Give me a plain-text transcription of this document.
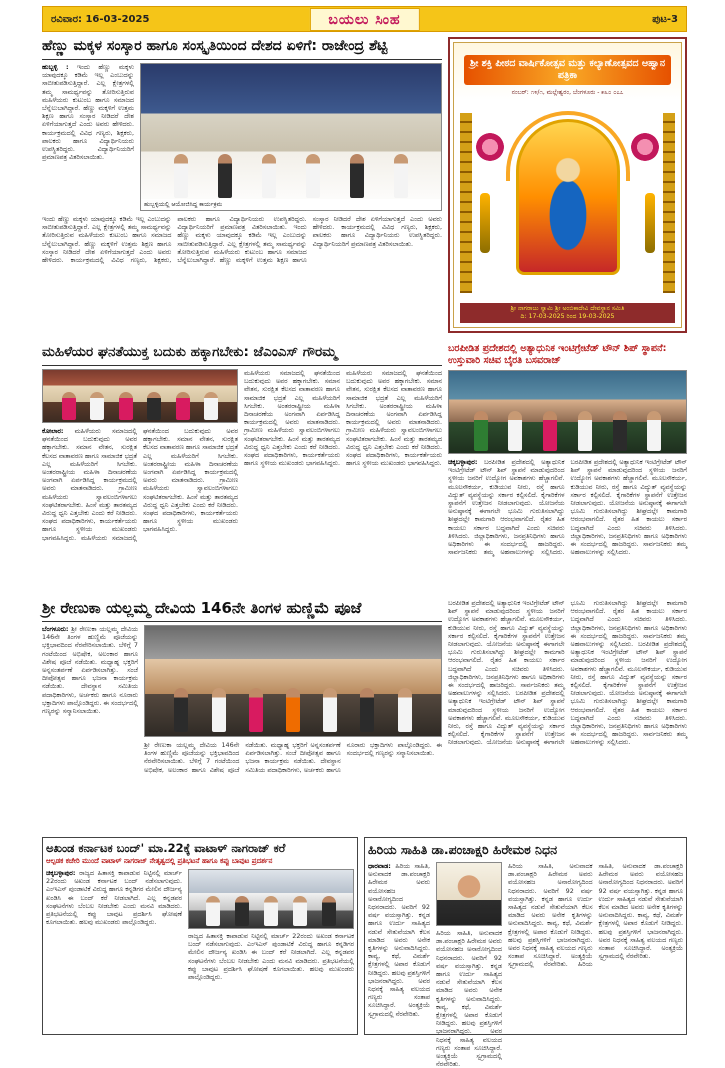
ರವಿವಾರ: 16-03-2025	ಬಯಲು ಸಿಂಹ	ಪುಟ-3
ಹೆಣ್ಣು ಮಕ್ಕಳ ಸಂಸ್ಕಾರ ಹಾಗೂ ಸಂಸ್ಕೃತಿಯಿಂದ ದೇಶದ ಏಳಿಗೆ: ರಾಜೇಂದ್ರ ಶೆಟ್ಟಿ
ಹುಬ್ಬಳ್ಳಿ : ಇಂದು ಹೆಣ್ಣು ಮಕ್ಕಳು ಯಾವುದಕ್ಕೂ ಕಡಿಮೆ ಇಲ್ಲ ಎಂಬುದನ್ನು ಸಾಬೀತುಪಡಿಸುತ್ತಿದ್ದಾರೆ. ಎಲ್ಲ ಕ್ಷೇತ್ರಗಳಲ್ಲಿ ತಮ್ಮ ಸಾಮರ್ಥ್ಯವನ್ನು ತೋರಿಸುತ್ತಿರುವ ಮಹಿಳೆಯರು ಕುಟುಂಬ ಹಾಗೂ ಸಮಾಜದ ಬೆನ್ನೆಲುಬಾಗಿದ್ದಾರೆ. ಹೆಣ್ಣು ಮಕ್ಕಳಿಗೆ ಉತ್ತಮ ಶಿಕ್ಷಣ ಹಾಗೂ ಸಂಸ್ಕಾರ ನೀಡಿದರೆ ದೇಶ ಏಳಿಗೆಯಾಗುತ್ತದೆ ಎಂದು ಅವರು ಹೇಳಿದರು. ಕಾರ್ಯಕ್ರಮದಲ್ಲಿ ವಿವಿಧ ಗಣ್ಯರು, ಶಿಕ್ಷಕರು, ಪಾಲಕರು ಹಾಗೂ ವಿದ್ಯಾರ್ಥಿನಿಯರು ಉಪಸ್ಥಿತರಿದ್ದರು. ವಿದ್ಯಾರ್ಥಿನಿಯರಿಗೆ ಪ್ರಮಾಣಪತ್ರ ವಿತರಿಸಲಾಯಿತು.
ಹುಬ್ಬಳ್ಳಿಯಲ್ಲಿ ಆಯೋಜಿಸಿದ್ದ ಕಾರ್ಯಕ್ರಮ
ಇಂದು ಹೆಣ್ಣು ಮಕ್ಕಳು ಯಾವುದಕ್ಕೂ ಕಡಿಮೆ ಇಲ್ಲ ಎಂಬುದನ್ನು ಸಾಬೀತುಪಡಿಸುತ್ತಿದ್ದಾರೆ. ಎಲ್ಲ ಕ್ಷೇತ್ರಗಳಲ್ಲಿ ತಮ್ಮ ಸಾಮರ್ಥ್ಯವನ್ನು ತೋರಿಸುತ್ತಿರುವ ಮಹಿಳೆಯರು ಕುಟುಂಬ ಹಾಗೂ ಸಮಾಜದ ಬೆನ್ನೆಲುಬಾಗಿದ್ದಾರೆ. ಹೆಣ್ಣು ಮಕ್ಕಳಿಗೆ ಉತ್ತಮ ಶಿಕ್ಷಣ ಹಾಗೂ ಸಂಸ್ಕಾರ ನೀಡಿದರೆ ದೇಶ ಏಳಿಗೆಯಾಗುತ್ತದೆ ಎಂದು ಅವರು ಹೇಳಿದರು. ಕಾರ್ಯಕ್ರಮದಲ್ಲಿ ವಿವಿಧ ಗಣ್ಯರು, ಶಿಕ್ಷಕರು, ಪಾಲಕರು ಹಾಗೂ ವಿದ್ಯಾರ್ಥಿನಿಯರು ಉಪಸ್ಥಿತರಿದ್ದರು. ವಿದ್ಯಾರ್ಥಿನಿಯರಿಗೆ ಪ್ರಮಾಣಪತ್ರ ವಿತರಿಸಲಾಯಿತು. ಇಂದು ಹೆಣ್ಣು ಮಕ್ಕಳು ಯಾವುದಕ್ಕೂ ಕಡಿಮೆ ಇಲ್ಲ ಎಂಬುದನ್ನು ಸಾಬೀತುಪಡಿಸುತ್ತಿದ್ದಾರೆ. ಎಲ್ಲ ಕ್ಷೇತ್ರಗಳಲ್ಲಿ ತಮ್ಮ ಸಾಮರ್ಥ್ಯವನ್ನು ತೋರಿಸುತ್ತಿರುವ ಮಹಿಳೆಯರು ಕುಟುಂಬ ಹಾಗೂ ಸಮಾಜದ ಬೆನ್ನೆಲುಬಾಗಿದ್ದಾರೆ. ಹೆಣ್ಣು ಮಕ್ಕಳಿಗೆ ಉತ್ತಮ ಶಿಕ್ಷಣ ಹಾಗೂ ಸಂಸ್ಕಾರ ನೀಡಿದರೆ ದೇಶ ಏಳಿಗೆಯಾಗುತ್ತದೆ ಎಂದು ಅವರು ಹೇಳಿದರು. ಕಾರ್ಯಕ್ರಮದಲ್ಲಿ ವಿವಿಧ ಗಣ್ಯರು, ಶಿಕ್ಷಕರು, ಪಾಲಕರು ಹಾಗೂ ವಿದ್ಯಾರ್ಥಿನಿಯರು ಉಪಸ್ಥಿತರಿದ್ದರು. ವಿದ್ಯಾರ್ಥಿನಿಯರಿಗೆ ಪ್ರಮಾಣಪತ್ರ ವಿತರಿಸಲಾಯಿತು.
ಶ್ರೀ ಶಕ್ತಿ ಪೀಠದ ವಾರ್ಷಿಕೋತ್ಸವ ಮತ್ತು ಕಲ್ಯಾಣೋತ್ಸವದ ಆಹ್ವಾನ ಪತ್ರಿಕಾ
ನಂಬರ್: ೧೪/೧, ಮಲ್ಲೇಶ್ವರಂ, ಬೆಂಗಳೂರು - ೫೬೦ ೦೭೭
ಶ್ರೀ ನಾಗರಾಜು ಸ್ವಾಮಿ ಶ್ರೀ ಅಂಬಿಕಾದೇವಿ ದೇವಸ್ಥಾನ ಸಮಿತಿ
ದಿ: 17-03-2025 ರಿಂದ 19-03-2025
ಮಹಿಳೆಯರ ಘನತೆಯುಕ್ತ ಬದುಕು ಹಕ್ಕಾಗಬೇಕು: ಜೆಎಂಎಸ್ ಗೌರಮ್ಮ
ಕೋಲಾರ: ಮಹಿಳೆಯರು ಸಮಾಜದಲ್ಲಿ ಘನತೆಯಿಂದ ಬದುಕುವುದು ಅವರ ಹಕ್ಕಾಗಬೇಕು. ಸಮಾನ ವೇತನ, ಸುರಕ್ಷಿತ ಕೆಲಸದ ವಾತಾವರಣ ಹಾಗೂ ಸಾಮಾಜಿಕ ಭದ್ರತೆ ಎಲ್ಲ ಮಹಿಳೆಯರಿಗೆ ಸಿಗಬೇಕು. ಅಂತರರಾಷ್ಟ್ರೀಯ ಮಹಿಳಾ ದಿನಾಚರಣೆಯ ಅಂಗವಾಗಿ ಏರ್ಪಡಿಸಿದ್ದ ಕಾರ್ಯಕ್ರಮದಲ್ಲಿ ಅವರು ಮಾತನಾಡಿದರು. ಗ್ರಾಮೀಣ ಮಹಿಳೆಯರು ಸ್ವಾವಲಂಬಿಗಳಾಗಲು ಸಂಘಟಿತರಾಗಬೇಕು. ಹಿಂಸೆ ಮತ್ತು ತಾರತಮ್ಯದ ವಿರುದ್ಧ ಧ್ವನಿ ಎತ್ತಬೇಕು ಎಂದು ಕರೆ ನೀಡಿದರು. ಸಂಘದ ಪದಾಧಿಕಾರಿಗಳು, ಕಾರ್ಯಕರ್ತೆಯರು ಹಾಗೂ ಸ್ಥಳೀಯ ಮುಖಂಡರು ಭಾಗವಹಿಸಿದ್ದರು. ಮಹಿಳೆಯರು ಸಮಾಜದಲ್ಲಿ ಘನತೆಯಿಂದ ಬದುಕುವುದು ಅವರ ಹಕ್ಕಾಗಬೇಕು. ಸಮಾನ ವೇತನ, ಸುರಕ್ಷಿತ ಕೆಲಸದ ವಾತಾವರಣ ಹಾಗೂ ಸಾಮಾಜಿಕ ಭದ್ರತೆ ಎಲ್ಲ ಮಹಿಳೆಯರಿಗೆ ಸಿಗಬೇಕು. ಅಂತರರಾಷ್ಟ್ರೀಯ ಮಹಿಳಾ ದಿನಾಚರಣೆಯ ಅಂಗವಾಗಿ ಏರ್ಪಡಿಸಿದ್ದ ಕಾರ್ಯಕ್ರಮದಲ್ಲಿ ಅವರು ಮಾತನಾಡಿದರು. ಗ್ರಾಮೀಣ ಮಹಿಳೆಯರು ಸ್ವಾವಲಂಬಿಗಳಾಗಲು ಸಂಘಟಿತರಾಗಬೇಕು. ಹಿಂಸೆ ಮತ್ತು ತಾರತಮ್ಯದ ವಿರುದ್ಧ ಧ್ವನಿ ಎತ್ತಬೇಕು ಎಂದು ಕರೆ ನೀಡಿದರು. ಸಂಘದ ಪದಾಧಿಕಾರಿಗಳು, ಕಾರ್ಯಕರ್ತೆಯರು ಹಾಗೂ ಸ್ಥಳೀಯ ಮುಖಂಡರು ಭಾಗವಹಿಸಿದ್ದರು.
ಮಹಿಳೆಯರು ಸಮಾಜದಲ್ಲಿ ಘನತೆಯಿಂದ ಬದುಕುವುದು ಅವರ ಹಕ್ಕಾಗಬೇಕು. ಸಮಾನ ವೇತನ, ಸುರಕ್ಷಿತ ಕೆಲಸದ ವಾತಾವರಣ ಹಾಗೂ ಸಾಮಾಜಿಕ ಭದ್ರತೆ ಎಲ್ಲ ಮಹಿಳೆಯರಿಗೆ ಸಿಗಬೇಕು. ಅಂತರರಾಷ್ಟ್ರೀಯ ಮಹಿಳಾ ದಿನಾಚರಣೆಯ ಅಂಗವಾಗಿ ಏರ್ಪಡಿಸಿದ್ದ ಕಾರ್ಯಕ್ರಮದಲ್ಲಿ ಅವರು ಮಾತನಾಡಿದರು. ಗ್ರಾಮೀಣ ಮಹಿಳೆಯರು ಸ್ವಾವಲಂಬಿಗಳಾಗಲು ಸಂಘಟಿತರಾಗಬೇಕು. ಹಿಂಸೆ ಮತ್ತು ತಾರತಮ್ಯದ ವಿರುದ್ಧ ಧ್ವನಿ ಎತ್ತಬೇಕು ಎಂದು ಕರೆ ನೀಡಿದರು. ಸಂಘದ ಪದಾಧಿಕಾರಿಗಳು, ಕಾರ್ಯಕರ್ತೆಯರು ಹಾಗೂ ಸ್ಥಳೀಯ ಮುಖಂಡರು ಭಾಗವಹಿಸಿದ್ದರು. ಮಹಿಳೆಯರು ಸಮಾಜದಲ್ಲಿ ಘನತೆಯಿಂದ ಬದುಕುವುದು ಅವರ ಹಕ್ಕಾಗಬೇಕು. ಸಮಾನ ವೇತನ, ಸುರಕ್ಷಿತ ಕೆಲಸದ ವಾತಾವರಣ ಹಾಗೂ ಸಾಮಾಜಿಕ ಭದ್ರತೆ ಎಲ್ಲ ಮಹಿಳೆಯರಿಗೆ ಸಿಗಬೇಕು. ಅಂತರರಾಷ್ಟ್ರೀಯ ಮಹಿಳಾ ದಿನಾಚರಣೆಯ ಅಂಗವಾಗಿ ಏರ್ಪಡಿಸಿದ್ದ ಕಾರ್ಯಕ್ರಮದಲ್ಲಿ ಅವರು ಮಾತನಾಡಿದರು. ಗ್ರಾಮೀಣ ಮಹಿಳೆಯರು ಸ್ವಾವಲಂಬಿಗಳಾಗಲು ಸಂಘಟಿತರಾಗಬೇಕು. ಹಿಂಸೆ ಮತ್ತು ತಾರತಮ್ಯದ ವಿರುದ್ಧ ಧ್ವನಿ ಎತ್ತಬೇಕು ಎಂದು ಕರೆ ನೀಡಿದರು. ಸಂಘದ ಪದಾಧಿಕಾರಿಗಳು, ಕಾರ್ಯಕರ್ತೆಯರು ಹಾಗೂ ಸ್ಥಳೀಯ ಮುಖಂಡರು ಭಾಗವಹಿಸಿದ್ದರು.
ಬರಪೀಡಿತ ಪ್ರದೇಶದಲ್ಲಿ ಅತ್ಯಾಧುನಿಕ ಇಂಟಿಗ್ರೇಟೆಡ್ ಟೌನ್ ಶಿಪ್ ಸ್ಥಾಪನೆ: ಉಸ್ತುವಾರಿ ಸಚಿವ ಬೈರತಿ ಬಸವರಾಜ್
ಚಿಕ್ಕಬಳ್ಳಾಪುರ: ಬರಪೀಡಿತ ಪ್ರದೇಶದಲ್ಲಿ ಅತ್ಯಾಧುನಿಕ ಇಂಟಿಗ್ರೇಟೆಡ್ ಟೌನ್ ಶಿಪ್ ಸ್ಥಾಪನೆ ಮಾಡುವುದರಿಂದ ಸ್ಥಳೀಯ ಜನರಿಗೆ ಉದ್ಯೋಗ ಅವಕಾಶಗಳು ಹೆಚ್ಚಾಗಲಿವೆ. ಮೂಲಸೌಕರ್ಯ, ಕುಡಿಯುವ ನೀರು, ರಸ್ತೆ ಹಾಗೂ ವಿದ್ಯುತ್ ವ್ಯವಸ್ಥೆಯನ್ನು ಸರ್ಕಾರ ಕಲ್ಪಿಸಲಿದೆ. ಕೈಗಾರಿಕೆಗಳ ಸ್ಥಾಪನೆಗೆ ಉತ್ತೇಜನ ನೀಡಲಾಗುವುದು. ಯೋಜನೆಯ ಅನುಷ್ಠಾನಕ್ಕೆ ಈಗಾಗಲೇ ಭೂಮಿ ಗುರುತಿಸಲಾಗಿದ್ದು ಶೀಘ್ರದಲ್ಲೇ ಕಾಮಗಾರಿ ಆರಂಭವಾಗಲಿದೆ. ರೈತರ ಹಿತ ಕಾಯಲು ಸರ್ಕಾರ ಬದ್ಧವಾಗಿದೆ ಎಂದು ಸಚಿವರು ತಿಳಿಸಿದರು. ಜಿಲ್ಲಾಧಿಕಾರಿಗಳು, ಜನಪ್ರತಿನಿಧಿಗಳು ಹಾಗೂ ಅಧಿಕಾರಿಗಳು ಈ ಸಂದರ್ಭದಲ್ಲಿ ಹಾಜರಿದ್ದರು. ಸಾರ್ವಜನಿಕರು ತಮ್ಮ ಅಹವಾಲುಗಳನ್ನು ಸಲ್ಲಿಸಿದರು. ಬರಪೀಡಿತ ಪ್ರದೇಶದಲ್ಲಿ ಅತ್ಯಾಧುನಿಕ ಇಂಟಿಗ್ರೇಟೆಡ್ ಟೌನ್ ಶಿಪ್ ಸ್ಥಾಪನೆ ಮಾಡುವುದರಿಂದ ಸ್ಥಳೀಯ ಜನರಿಗೆ ಉದ್ಯೋಗ ಅವಕಾಶಗಳು ಹೆಚ್ಚಾಗಲಿವೆ. ಮೂಲಸೌಕರ್ಯ, ಕುಡಿಯುವ ನೀರು, ರಸ್ತೆ ಹಾಗೂ ವಿದ್ಯುತ್ ವ್ಯವಸ್ಥೆಯನ್ನು ಸರ್ಕಾರ ಕಲ್ಪಿಸಲಿದೆ. ಕೈಗಾರಿಕೆಗಳ ಸ್ಥಾಪನೆಗೆ ಉತ್ತೇಜನ ನೀಡಲಾಗುವುದು. ಯೋಜನೆಯ ಅನುಷ್ಠಾನಕ್ಕೆ ಈಗಾಗಲೇ ಭೂಮಿ ಗುರುತಿಸಲಾಗಿದ್ದು ಶೀಘ್ರದಲ್ಲೇ ಕಾಮಗಾರಿ ಆರಂಭವಾಗಲಿದೆ. ರೈತರ ಹಿತ ಕಾಯಲು ಸರ್ಕಾರ ಬದ್ಧವಾಗಿದೆ ಎಂದು ಸಚಿವರು ತಿಳಿಸಿದರು. ಜಿಲ್ಲಾಧಿಕಾರಿಗಳು, ಜನಪ್ರತಿನಿಧಿಗಳು ಹಾಗೂ ಅಧಿಕಾರಿಗಳು ಈ ಸಂದರ್ಭದಲ್ಲಿ ಹಾಜರಿದ್ದರು. ಸಾರ್ವಜನಿಕರು ತಮ್ಮ ಅಹವಾಲುಗಳನ್ನು ಸಲ್ಲಿಸಿದರು.
ಶ್ರೀ ರೇಣುಕಾ ಯಲ್ಲಮ್ಮ ದೇವಿಯ 146ನೇ ತಿಂಗಳ ಹುಣ್ಣಿಮೆ ಪೂಜೆ
ಬೆಂಗಳೂರು: ಶ್ರೀ ರೇಣುಕಾ ಯಲ್ಲಮ್ಮ ದೇವಿಯ 146ನೇ ತಿಂಗಳ ಹುಣ್ಣಿಮೆ ಪೂಜೆಯನ್ನು ಭಕ್ತಿಭಾವದಿಂದ ನೆರವೇರಿಸಲಾಯಿತು. ಬೆಳಿಗ್ಗೆ 7 ಗಂಟೆಯಿಂದ ಅಭಿಷೇಕ, ಅಲಂಕಾರ ಹಾಗೂ ವಿಶೇಷ ಪೂಜೆ ನಡೆಯಿತು. ಮಧ್ಯಾಹ್ನ ಭಕ್ತರಿಗೆ ಅನ್ನಸಂತರ್ಪಣೆ ಏರ್ಪಡಿಸಲಾಗಿತ್ತು. ಸಂಜೆ ದೀಪೋತ್ಸವ ಹಾಗೂ ಭಜನಾ ಕಾರ್ಯಕ್ರಮ ನಡೆಯಿತು. ದೇವಸ್ಥಾನ ಸಮಿತಿಯ ಪದಾಧಿಕಾರಿಗಳು, ಅರ್ಚಕರು ಹಾಗೂ ನೂರಾರು ಭಕ್ತಾದಿಗಳು ಪಾಲ್ಗೊಂಡಿದ್ದರು. ಈ ಸಂದರ್ಭದಲ್ಲಿ ಗಣ್ಯರನ್ನು ಸನ್ಮಾನಿಸಲಾಯಿತು.
ಶ್ರೀ ರೇಣುಕಾ ಯಲ್ಲಮ್ಮ ದೇವಿಯ 146ನೇ ತಿಂಗಳ ಹುಣ್ಣಿಮೆ ಪೂಜೆಯನ್ನು ಭಕ್ತಿಭಾವದಿಂದ ನೆರವೇರಿಸಲಾಯಿತು. ಬೆಳಿಗ್ಗೆ 7 ಗಂಟೆಯಿಂದ ಅಭಿಷೇಕ, ಅಲಂಕಾರ ಹಾಗೂ ವಿಶೇಷ ಪೂಜೆ ನಡೆಯಿತು. ಮಧ್ಯಾಹ್ನ ಭಕ್ತರಿಗೆ ಅನ್ನಸಂತರ್ಪಣೆ ಏರ್ಪಡಿಸಲಾಗಿತ್ತು. ಸಂಜೆ ದೀಪೋತ್ಸವ ಹಾಗೂ ಭಜನಾ ಕಾರ್ಯಕ್ರಮ ನಡೆಯಿತು. ದೇವಸ್ಥಾನ ಸಮಿತಿಯ ಪದಾಧಿಕಾರಿಗಳು, ಅರ್ಚಕರು ಹಾಗೂ ನೂರಾರು ಭಕ್ತಾದಿಗಳು ಪಾಲ್ಗೊಂಡಿದ್ದರು. ಈ ಸಂದರ್ಭದಲ್ಲಿ ಗಣ್ಯರನ್ನು ಸನ್ಮಾನಿಸಲಾಯಿತು.
ಬರಪೀಡಿತ ಪ್ರದೇಶದಲ್ಲಿ ಅತ್ಯಾಧುನಿಕ ಇಂಟಿಗ್ರೇಟೆಡ್ ಟೌನ್ ಶಿಪ್ ಸ್ಥಾಪನೆ ಮಾಡುವುದರಿಂದ ಸ್ಥಳೀಯ ಜನರಿಗೆ ಉದ್ಯೋಗ ಅವಕಾಶಗಳು ಹೆಚ್ಚಾಗಲಿವೆ. ಮೂಲಸೌಕರ್ಯ, ಕುಡಿಯುವ ನೀರು, ರಸ್ತೆ ಹಾಗೂ ವಿದ್ಯುತ್ ವ್ಯವಸ್ಥೆಯನ್ನು ಸರ್ಕಾರ ಕಲ್ಪಿಸಲಿದೆ. ಕೈಗಾರಿಕೆಗಳ ಸ್ಥಾಪನೆಗೆ ಉತ್ತೇಜನ ನೀಡಲಾಗುವುದು. ಯೋಜನೆಯ ಅನುಷ್ಠಾನಕ್ಕೆ ಈಗಾಗಲೇ ಭೂಮಿ ಗುರುತಿಸಲಾಗಿದ್ದು ಶೀಘ್ರದಲ್ಲೇ ಕಾಮಗಾರಿ ಆರಂಭವಾಗಲಿದೆ. ರೈತರ ಹಿತ ಕಾಯಲು ಸರ್ಕಾರ ಬದ್ಧವಾಗಿದೆ ಎಂದು ಸಚಿವರು ತಿಳಿಸಿದರು. ಜಿಲ್ಲಾಧಿಕಾರಿಗಳು, ಜನಪ್ರತಿನಿಧಿಗಳು ಹಾಗೂ ಅಧಿಕಾರಿಗಳು ಈ ಸಂದರ್ಭದಲ್ಲಿ ಹಾಜರಿದ್ದರು. ಸಾರ್ವಜನಿಕರು ತಮ್ಮ ಅಹವಾಲುಗಳನ್ನು ಸಲ್ಲಿಸಿದರು. ಬರಪೀಡಿತ ಪ್ರದೇಶದಲ್ಲಿ ಅತ್ಯಾಧುನಿಕ ಇಂಟಿಗ್ರೇಟೆಡ್ ಟೌನ್ ಶಿಪ್ ಸ್ಥಾಪನೆ ಮಾಡುವುದರಿಂದ ಸ್ಥಳೀಯ ಜನರಿಗೆ ಉದ್ಯೋಗ ಅವಕಾಶಗಳು ಹೆಚ್ಚಾಗಲಿವೆ. ಮೂಲಸೌಕರ್ಯ, ಕುಡಿಯುವ ನೀರು, ರಸ್ತೆ ಹಾಗೂ ವಿದ್ಯುತ್ ವ್ಯವಸ್ಥೆಯನ್ನು ಸರ್ಕಾರ ಕಲ್ಪಿಸಲಿದೆ. ಕೈಗಾರಿಕೆಗಳ ಸ್ಥಾಪನೆಗೆ ಉತ್ತೇಜನ ನೀಡಲಾಗುವುದು. ಯೋಜನೆಯ ಅನುಷ್ಠಾನಕ್ಕೆ ಈಗಾಗಲೇ ಭೂಮಿ ಗುರುತಿಸಲಾಗಿದ್ದು ಶೀಘ್ರದಲ್ಲೇ ಕಾಮಗಾರಿ ಆರಂಭವಾಗಲಿದೆ. ರೈತರ ಹಿತ ಕಾಯಲು ಸರ್ಕಾರ ಬದ್ಧವಾಗಿದೆ ಎಂದು ಸಚಿವರು ತಿಳಿಸಿದರು. ಜಿಲ್ಲಾಧಿಕಾರಿಗಳು, ಜನಪ್ರತಿನಿಧಿಗಳು ಹಾಗೂ ಅಧಿಕಾರಿಗಳು ಈ ಸಂದರ್ಭದಲ್ಲಿ ಹಾಜರಿದ್ದರು. ಸಾರ್ವಜನಿಕರು ತಮ್ಮ ಅಹವಾಲುಗಳನ್ನು ಸಲ್ಲಿಸಿದರು. ಬರಪೀಡಿತ ಪ್ರದೇಶದಲ್ಲಿ ಅತ್ಯಾಧುನಿಕ ಇಂಟಿಗ್ರೇಟೆಡ್ ಟೌನ್ ಶಿಪ್ ಸ್ಥಾಪನೆ ಮಾಡುವುದರಿಂದ ಸ್ಥಳೀಯ ಜನರಿಗೆ ಉದ್ಯೋಗ ಅವಕಾಶಗಳು ಹೆಚ್ಚಾಗಲಿವೆ. ಮೂಲಸೌಕರ್ಯ, ಕುಡಿಯುವ ನೀರು, ರಸ್ತೆ ಹಾಗೂ ವಿದ್ಯುತ್ ವ್ಯವಸ್ಥೆಯನ್ನು ಸರ್ಕಾರ ಕಲ್ಪಿಸಲಿದೆ. ಕೈಗಾರಿಕೆಗಳ ಸ್ಥಾಪನೆಗೆ ಉತ್ತೇಜನ ನೀಡಲಾಗುವುದು. ಯೋಜನೆಯ ಅನುಷ್ಠಾನಕ್ಕೆ ಈಗಾಗಲೇ ಭೂಮಿ ಗುರುತಿಸಲಾಗಿದ್ದು ಶೀಘ್ರದಲ್ಲೇ ಕಾಮಗಾರಿ ಆರಂಭವಾಗಲಿದೆ. ರೈತರ ಹಿತ ಕಾಯಲು ಸರ್ಕಾರ ಬದ್ಧವಾಗಿದೆ ಎಂದು ಸಚಿವರು ತಿಳಿಸಿದರು. ಜಿಲ್ಲಾಧಿಕಾರಿಗಳು, ಜನಪ್ರತಿನಿಧಿಗಳು ಹಾಗೂ ಅಧಿಕಾರಿಗಳು ಈ ಸಂದರ್ಭದಲ್ಲಿ ಹಾಜರಿದ್ದರು. ಸಾರ್ವಜನಿಕರು ತಮ್ಮ ಅಹವಾಲುಗಳನ್ನು ಸಲ್ಲಿಸಿದರು.
ಅಖಂಡ ಕರ್ನಾಟಕ ಬಂದ್' ಮಾ.22ಕ್ಕೆ ವಾಟಾಳ್ ನಾಗರಾಜ್ ಕರೆ
ಆಲ್ಪಡಕ ಕಚೇರಿ ಮುಂದೆ ವಾಟಾಳ್ ನಾಗರಾಜ್ ನೇತೃತ್ವದಲ್ಲಿ ಪ್ರತಿಭಟನೆ ಹಾಗೂ ಕಪ್ಪು ಬಾವುಟ ಪ್ರದರ್ಶನ
ಚಿಕ್ಕಬಳ್ಳಾಪುರ: ರಾಜ್ಯದ ಹಿತಾಸಕ್ತಿ ಕಾಪಾಡುವ ನಿಟ್ಟಿನಲ್ಲಿ ಮಾರ್ಚ್ 22ರಂದು ಅಖಂಡ ಕರ್ನಾಟಕ ಬಂದ್ ನಡೆಸಲಾಗುವುದು. ಎಂಇಎಸ್ ಪುಂಡಾಟಿಕೆ ವಿರುದ್ಧ ಹಾಗೂ ಕನ್ನಡಿಗರ ಮೇಲಿನ ದೌರ್ಜನ್ಯ ಖಂಡಿಸಿ ಈ ಬಂದ್ ಕರೆ ನೀಡಲಾಗಿದೆ. ಎಲ್ಲ ಕನ್ನಡಪರ ಸಂಘಟನೆಗಳು ಬೆಂಬಲ ನೀಡಬೇಕು ಎಂದು ಮನವಿ ಮಾಡಿದರು. ಪ್ರತಿಭಟನೆಯಲ್ಲಿ ಕಪ್ಪು ಬಾವುಟ ಪ್ರದರ್ಶಿಸಿ ಘೋಷಣೆ ಕೂಗಲಾಯಿತು. ಹಲವು ಮುಖಂಡರು ಪಾಲ್ಗೊಂಡಿದ್ದರು.
ರಾಜ್ಯದ ಹಿತಾಸಕ್ತಿ ಕಾಪಾಡುವ ನಿಟ್ಟಿನಲ್ಲಿ ಮಾರ್ಚ್ 22ರಂದು ಅಖಂಡ ಕರ್ನಾಟಕ ಬಂದ್ ನಡೆಸಲಾಗುವುದು. ಎಂಇಎಸ್ ಪುಂಡಾಟಿಕೆ ವಿರುದ್ಧ ಹಾಗೂ ಕನ್ನಡಿಗರ ಮೇಲಿನ ದೌರ್ಜನ್ಯ ಖಂಡಿಸಿ ಈ ಬಂದ್ ಕರೆ ನೀಡಲಾಗಿದೆ. ಎಲ್ಲ ಕನ್ನಡಪರ ಸಂಘಟನೆಗಳು ಬೆಂಬಲ ನೀಡಬೇಕು ಎಂದು ಮನವಿ ಮಾಡಿದರು. ಪ್ರತಿಭಟನೆಯಲ್ಲಿ ಕಪ್ಪು ಬಾವುಟ ಪ್ರದರ್ಶಿಸಿ ಘೋಷಣೆ ಕೂಗಲಾಯಿತು. ಹಲವು ಮುಖಂಡರು ಪಾಲ್ಗೊಂಡಿದ್ದರು.
ಹಿರಿಯ ಸಾಹಿತಿ ಡಾ.ಪಂಚಾಕ್ಷರಿ ಹಿರೇಮಠ ನಿಧನ
ಧಾರವಾಡ: ಹಿರಿಯ ಸಾಹಿತಿ, ಅನುವಾದಕ ಡಾ.ಪಂಚಾಕ್ಷರಿ ಹಿರೇಮಠ ಅವರು ವಯೋಸಹಜ ಅನಾರೋಗ್ಯದಿಂದ ನಿಧನರಾದರು. ಅವರಿಗೆ 92 ವರ್ಷ ವಯಸ್ಸಾಗಿತ್ತು. ಕನ್ನಡ ಹಾಗೂ ಉರ್ದು ಸಾಹಿತ್ಯದ ನಡುವೆ ಸೇತುವೆಯಾಗಿ ಕೆಲಸ ಮಾಡಿದ ಅವರು ಅನೇಕ ಕೃತಿಗಳನ್ನು ಅನುವಾದಿಸಿದ್ದರು. ಕಾವ್ಯ, ಕಥೆ, ವಿಮರ್ಶೆ ಕ್ಷೇತ್ರಗಳಲ್ಲಿ ಅಪಾರ ಕೊಡುಗೆ ನೀಡಿದ್ದರು. ಹಲವು ಪ್ರಶಸ್ತಿಗಳಿಗೆ ಭಾಜನರಾಗಿದ್ದರು. ಅವರ ನಿಧನಕ್ಕೆ ಸಾಹಿತ್ಯ ವಲಯದ ಗಣ್ಯರು ಸಂತಾಪ ಸೂಚಿಸಿದ್ದಾರೆ. ಅಂತ್ಯಕ್ರಿಯೆ ಸ್ವಗ್ರಾಮದಲ್ಲಿ ನೆರವೇರಿತು.
ಹಿರಿಯ ಸಾಹಿತಿ, ಅನುವಾದಕ ಡಾ.ಪಂಚಾಕ್ಷರಿ ಹಿರೇಮಠ ಅವರು ವಯೋಸಹಜ ಅನಾರೋಗ್ಯದಿಂದ ನಿಧನರಾದರು. ಅವರಿಗೆ 92 ವರ್ಷ ವಯಸ್ಸಾಗಿತ್ತು. ಕನ್ನಡ ಹಾಗೂ ಉರ್ದು ಸಾಹಿತ್ಯದ ನಡುವೆ ಸೇತುವೆಯಾಗಿ ಕೆಲಸ ಮಾಡಿದ ಅವರು ಅನೇಕ ಕೃತಿಗಳನ್ನು ಅನುವಾದಿಸಿದ್ದರು. ಕಾವ್ಯ, ಕಥೆ, ವಿಮರ್ಶೆ ಕ್ಷೇತ್ರಗಳಲ್ಲಿ ಅಪಾರ ಕೊಡುಗೆ ನೀಡಿದ್ದರು. ಹಲವು ಪ್ರಶಸ್ತಿಗಳಿಗೆ ಭಾಜನರಾಗಿದ್ದರು. ಅವರ ನಿಧನಕ್ಕೆ ಸಾಹಿತ್ಯ ವಲಯದ ಗಣ್ಯರು ಸಂತಾಪ ಸೂಚಿಸಿದ್ದಾರೆ. ಅಂತ್ಯಕ್ರಿಯೆ ಸ್ವಗ್ರಾಮದಲ್ಲಿ ನೆರವೇರಿತು.
ಹಿರಿಯ ಸಾಹಿತಿ, ಅನುವಾದಕ ಡಾ.ಪಂಚಾಕ್ಷರಿ ಹಿರೇಮಠ ಅವರು ವಯೋಸಹಜ ಅನಾರೋಗ್ಯದಿಂದ ನಿಧನರಾದರು. ಅವರಿಗೆ 92 ವರ್ಷ ವಯಸ್ಸಾಗಿತ್ತು. ಕನ್ನಡ ಹಾಗೂ ಉರ್ದು ಸಾಹಿತ್ಯದ ನಡುವೆ ಸೇತುವೆಯಾಗಿ ಕೆಲಸ ಮಾಡಿದ ಅವರು ಅನೇಕ ಕೃತಿಗಳನ್ನು ಅನುವಾದಿಸಿದ್ದರು. ಕಾವ್ಯ, ಕಥೆ, ವಿಮರ್ಶೆ ಕ್ಷೇತ್ರಗಳಲ್ಲಿ ಅಪಾರ ಕೊಡುಗೆ ನೀಡಿದ್ದರು. ಹಲವು ಪ್ರಶಸ್ತಿಗಳಿಗೆ ಭಾಜನರಾಗಿದ್ದರು. ಅವರ ನಿಧನಕ್ಕೆ ಸಾಹಿತ್ಯ ವಲಯದ ಗಣ್ಯರು ಸಂತಾಪ ಸೂಚಿಸಿದ್ದಾರೆ. ಅಂತ್ಯಕ್ರಿಯೆ ಸ್ವಗ್ರಾಮದಲ್ಲಿ ನೆರವೇರಿತು. ಹಿರಿಯ ಸಾಹಿತಿ, ಅನುವಾದಕ ಡಾ.ಪಂಚಾಕ್ಷರಿ ಹಿರೇಮಠ ಅವರು ವಯೋಸಹಜ ಅನಾರೋಗ್ಯದಿಂದ ನಿಧನರಾದರು. ಅವರಿಗೆ 92 ವರ್ಷ ವಯಸ್ಸಾಗಿತ್ತು. ಕನ್ನಡ ಹಾಗೂ ಉರ್ದು ಸಾಹಿತ್ಯದ ನಡುವೆ ಸೇತುವೆಯಾಗಿ ಕೆಲಸ ಮಾಡಿದ ಅವರು ಅನೇಕ ಕೃತಿಗಳನ್ನು ಅನುವಾದಿಸಿದ್ದರು. ಕಾವ್ಯ, ಕಥೆ, ವಿಮರ್ಶೆ ಕ್ಷೇತ್ರಗಳಲ್ಲಿ ಅಪಾರ ಕೊಡುಗೆ ನೀಡಿದ್ದರು. ಹಲವು ಪ್ರಶಸ್ತಿಗಳಿಗೆ ಭಾಜನರಾಗಿದ್ದರು. ಅವರ ನಿಧನಕ್ಕೆ ಸಾಹಿತ್ಯ ವಲಯದ ಗಣ್ಯರು ಸಂತಾಪ ಸೂಚಿಸಿದ್ದಾರೆ. ಅಂತ್ಯಕ್ರಿಯೆ ಸ್ವಗ್ರಾಮದಲ್ಲಿ ನೆರವೇರಿತು.
